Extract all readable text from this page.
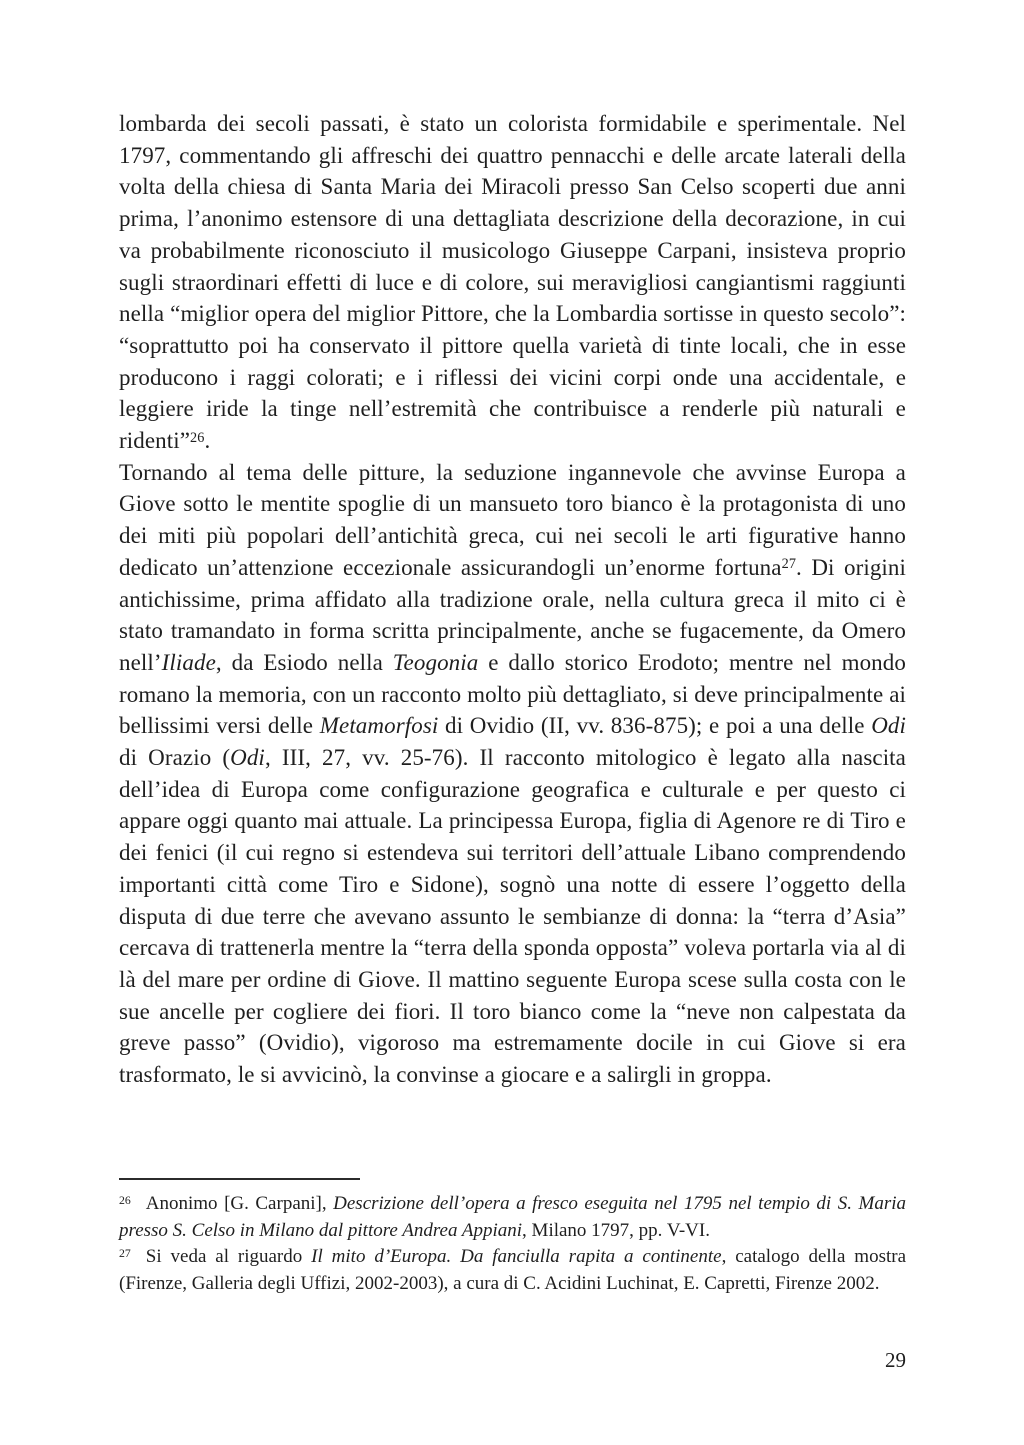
lombarda dei secoli passati, è stato un colorista formidabile e sperimentale. Nel 1797, commentando gli affreschi dei quattro pennacchi e delle arcate laterali della volta della chiesa di Santa Maria dei Miracoli presso San Celso scoperti due anni prima, l’anonimo estensore di una dettagliata descrizione della decorazione, in cui va probabilmente riconosciuto il musicologo Giuseppe Carpani, insisteva proprio sugli straordinari effetti di luce e di colore, sui meravigliosi cangiantismi raggiunti nella “miglior opera del miglior Pittore, che la Lombardia sortisse in questo secolo”: “soprattutto poi ha conservato il pittore quella varietà di tinte locali, che in esse producono i raggi colorati; e i riflessi dei vicini corpi onde una accidentale, e leggiere iride la tinge nell’estremità che contribuisce a renderle più naturali e ridenti”$^{26}$.

Tornando al tema delle pitture, la seduzione ingannevole che avvinse Europa a Giove sotto le mentite spoglie di un mansueto toro bianco è la protagonista di uno dei miti più popolari dell’antichità greca, cui nei secoli le arti figurative hanno dedicato un’attenzione eccezionale assicurandogli un’enorme fortuna$^{27}$. Di origini antichissime, prima affidato alla tradizione orale, nella cultura greca il mito ci è stato tramandato in forma scritta principalmente, anche se fugacemente, da Omero nell’Iliade, da Esiodo nella Teogonia e dallo storico Erodoto; mentre nel mondo romano la memoria, con un racconto molto più dettagliato, si deve principalmente ai bellissimi versi delle Metamorfosi di Ovidio (II, vv. 836-875); e poi a una delle Odi di Orazio (Odi, III, 27, vv. 25-76). Il racconto mitologico è legato alla nascita dell’idea di Europa come configurazione geografica e culturale e per questo ci appare oggi quanto mai attuale. La principessa Europa, figlia di Agenore re di Tiro e dei fenici (il cui regno si estendeva sui territori dell’attuale Libano comprendendo importanti città come Tiro e Sidone), sognò una notte di essere l’oggetto della disputa di due terre che avevano assunto le sembianze di donna: la “terra d’Asia” cercava di trattenerla mentre la “terra della sponda opposta” voleva portarla via al di là del mare per ordine di Giove. Il mattino seguente Europa scese sulla costa con le sue ancelle per cogliere dei fiori. Il toro bianco come la “neve non calpestata da greve passo” (Ovidio), vigoroso ma estremamente docile in cui Giove si era trasformato, le si avvicinò, la convinse a giocare e a salirgli in groppa.

$^{26}$ Anonimo [G. Carpani], Descrizione dell’opera a fresco eseguita nel 1795 nel tempio di S. Maria presso S. Celso in Milano dal pittore Andrea Appiani, Milano 1797, pp. V-VI.

$^{27}$ Si veda al riguardo Il mito d’Europa. Da fanciulla rapita a continente, catalogo della mostra (Firenze, Galleria degli Uffizi, 2002-2003), a cura di C. Acidini Luchinat, E. Capretti, Firenze 2002.

29
